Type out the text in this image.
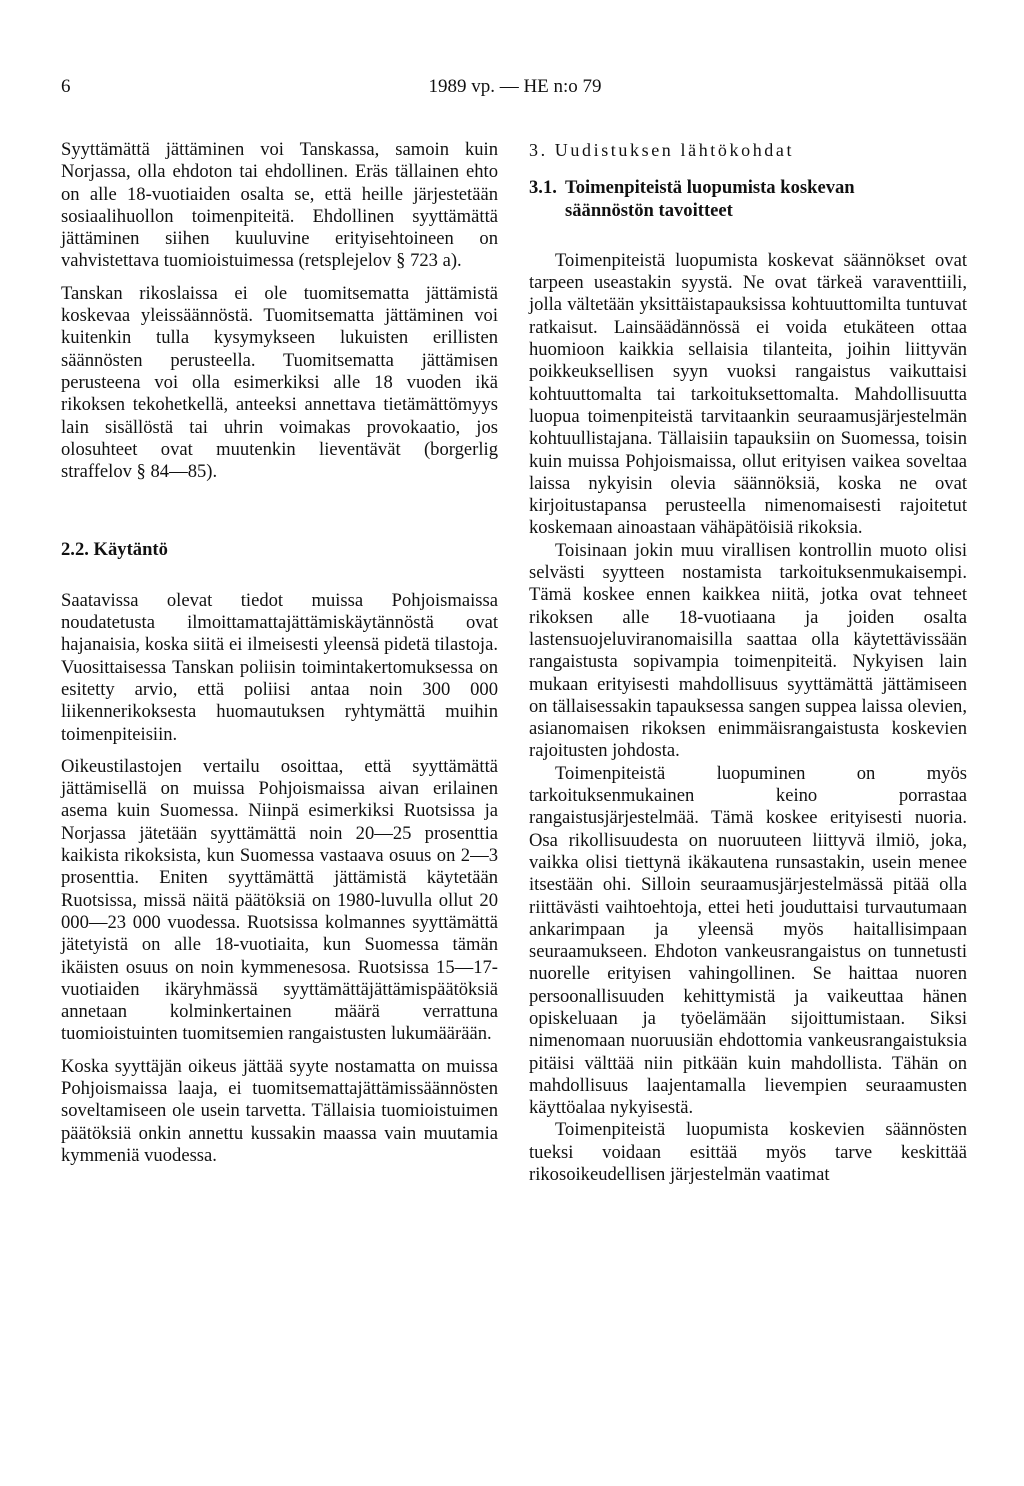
6	1989 vp. — HE n:o 79

Syyttämättä jättäminen voi Tanskassa, samoin kuin Norjassa, olla ehdoton tai ehdollinen. Eräs tällainen ehto on alle 18-vuotiaiden osalta se, että heille järjestetään sosiaalihuollon toimenpiteitä. Ehdollinen syyttämättä jättäminen siihen kuuluvine erityisehtoineen on vahvistettava tuomioistuimessa (retsplejelov § 723 a).

Tanskan rikoslaissa ei ole tuomitsematta jättämistä koskevaa yleissäännöstä. Tuomitsematta jättäminen voi kuitenkin tulla kysymykseen lukuisten erillisten säännösten perusteella. Tuomitsematta jättämisen perusteena voi olla esimerkiksi alle 18 vuoden ikä rikoksen tekohetkellä, anteeksi annettava tietämättömyys lain sisällöstä tai uhrin voimakas provokaatio, jos olosuhteet ovat muutenkin lieventävät (borgerlig straffelov § 84—85).

2.2. Käytäntö

Saatavissa olevat tiedot muissa Pohjoismaissa noudatetusta ilmoittamattajättämiskäytännöstä ovat hajanaisia, koska siitä ei ilmeisesti yleensä pidetä tilastoja. Vuosittaisessa Tanskan poliisin toimintakertomuksessa on esitetty arvio, että poliisi antaa noin 300 000 liikennerikoksesta huomautuksen ryhtymättä muihin toimenpiteisiin.

Oikeustilastojen vertailu osoittaa, että syyttämättä jättämisellä on muissa Pohjoismaissa aivan erilainen asema kuin Suomessa. Niinpä esimerkiksi Ruotsissa ja Norjassa jätetään syyttämättä noin 20—25 prosenttia kaikista rikoksista, kun Suomessa vastaava osuus on 2—3 prosenttia. Eniten syyttämättä jättämistä käytetään Ruotsissa, missä näitä päätöksiä on 1980-luvulla ollut 20 000—23 000 vuodessa. Ruotsissa kolmannes syyttämättä jätetyistä on alle 18-vuotiaita, kun Suomessa tämän ikäisten osuus on noin kymmenesosa. Ruotsissa 15—17-vuotiaiden ikäryhmässä syyttämättäjättämispäätöksiä annetaan kolminkertainen määrä verrattuna tuomioistuinten tuomitsemien rangaistusten lukumäärään.

Koska syyttäjän oikeus jättää syyte nostamatta on muissa Pohjoismaissa laaja, ei tuomitsemattajättämissäännösten soveltamiseen ole usein tarvetta. Tällaisia tuomioistuimen päätöksiä onkin annettu kussakin maassa vain muutamia kymmeniä vuodessa.

3. Uudistuksen lähtökohdat
3.1. Toimenpiteistä luopumista koskevan
säännöstön tavoitteet

Toimenpiteistä luopumista koskevat säännökset ovat tarpeen useastakin syystä. Ne ovat tärkeä varaventtiili, jolla vältetään yksittäistapauksissa kohtuuttomilta tuntuvat ratkaisut. Lainsäädännössä ei voida etukäteen ottaa huomioon kaikkia sellaisia tilanteita, joihin liittyvän poikkeuksellisen syyn vuoksi rangaistus vaikuttaisi kohtuuttomalta tai tarkoituksettomalta. Mahdollisuutta luopua toimenpiteistä tarvitaankin seuraamusjärjestelmän kohtuullistajana. Tällaisiin tapauksiin on Suomessa, toisin kuin muissa Pohjoismaissa, ollut erityisen vaikea soveltaa laissa nykyisin olevia säännöksiä, koska ne ovat kirjoitustapansa perusteella nimenomaisesti rajoitetut koskemaan ainoastaan vähäpätöisiä rikoksia.

Toisinaan jokin muu virallisen kontrollin muoto olisi selvästi syytteen nostamista tarkoituksenmukaisempi. Tämä koskee ennen kaikkea niitä, jotka ovat tehneet rikoksen alle 18-vuotiaana ja joiden osalta lastensuojeluviranomaisilla saattaa olla käytettävissään rangaistusta sopivampia toimenpiteitä. Nykyisen lain mukaan erityisesti mahdollisuus syyttämättä jättämiseen on tällaisessakin tapauksessa sangen suppea laissa olevien, asianomaisen rikoksen enimmäisrangaistusta koskevien rajoitusten johdosta.

Toimenpiteistä luopuminen on myös tarkoituksenmukainen keino porrastaa rangaistusjärjestelmää. Tämä koskee erityisesti nuoria. Osa rikollisuudesta on nuoruuteen liittyvä ilmiö, joka, vaikka olisi tiettynä ikäkautena runsastakin, usein menee itsestään ohi. Silloin seuraamusjärjestelmässä pitää olla riittävästi vaihtoehtoja, ettei heti jouduttaisi turvautumaan ankarimpaan ja yleensä myös haitallisimpaan seuraamukseen. Ehdoton vankeusrangaistus on tunnetusti nuorelle erityisen vahingollinen. Se haittaa nuoren persoonallisuuden kehittymistä ja vaikeuttaa hänen opiskeluaan ja työelämään sijoittumistaan. Siksi nimenomaan nuoruusiän ehdottomia vankeusrangaistuksia pitäisi välttää niin pitkään kuin mahdollista. Tähän on mahdollisuus laajentamalla lievempien seuraamusten käyttöalaa nykyisestä.

Toimenpiteistä luopumista koskevien säännösten tueksi voidaan esittää myös tarve keskittää rikosoikeudellisen järjestelmän vaatimat
